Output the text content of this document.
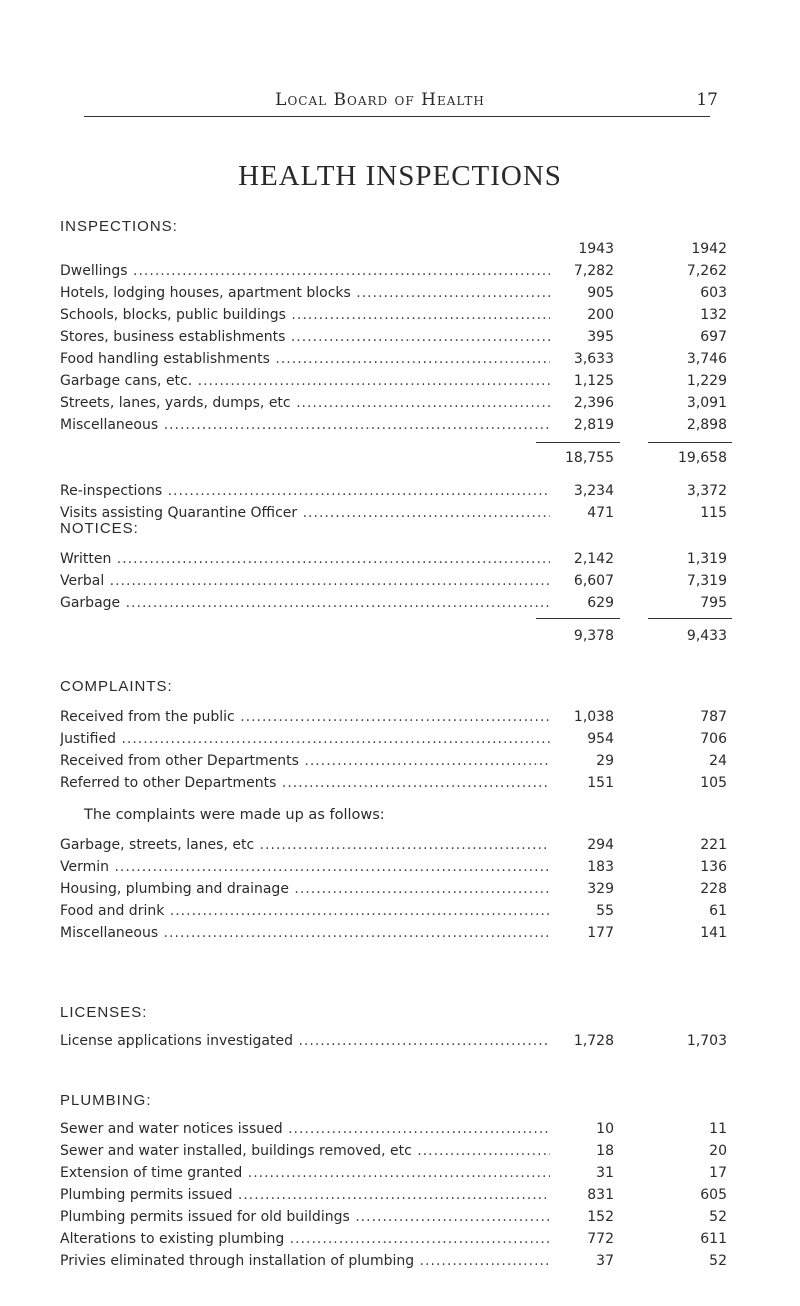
Local Board of Health	17
HEALTH INSPECTIONS
INSPECTIONS:
1943	1942
Dwellings .....	7,282	7,262
Hotels, lodging houses, apartment blocks .....	905	603
Schools, blocks, public buildings .....	200	132
Stores, business establishments .....	395	697
Food handling establishments .....	3,633	3,746
Garbage cans, etc. .....	1,125	1,229
Streets, lanes, yards, dumps, etc .....	2,396	3,091
Miscellaneous .....	2,819	2,898
18,755	19,658
Re-inspections .....	3,234	3,372
Visits assisting Quarantine Officer .....	471	115
NOTICES:
Written .....	2,142	1,319
Verbal .....	6,607	7,319
Garbage .....	629	795
9,378	9,433
COMPLAINTS:
Received from the public .....	1,038	787
Justified .....	954	706
Received from other Departments .....	29	24
Referred to other Departments .....	151	105
The complaints were made up as follows:
Garbage, streets, lanes, etc .....	294	221
Vermin .....	183	136
Housing, plumbing and drainage .....	329	228
Food and drink .....	55	61
Miscellaneous .....	177	141
LICENSES:
License applications investigated .....	1,728	1,703
PLUMBING:
Sewer and water notices issued .....	10	11
Sewer and water installed, buildings removed, etc .....	18	20
Extension of time granted .....	31	17
Plumbing permits issued .....	831	605
Plumbing permits issued for old buildings .....	152	52
Alterations to existing plumbing .....	772	611
Privies eliminated through installation of plumbing .....	37	52
